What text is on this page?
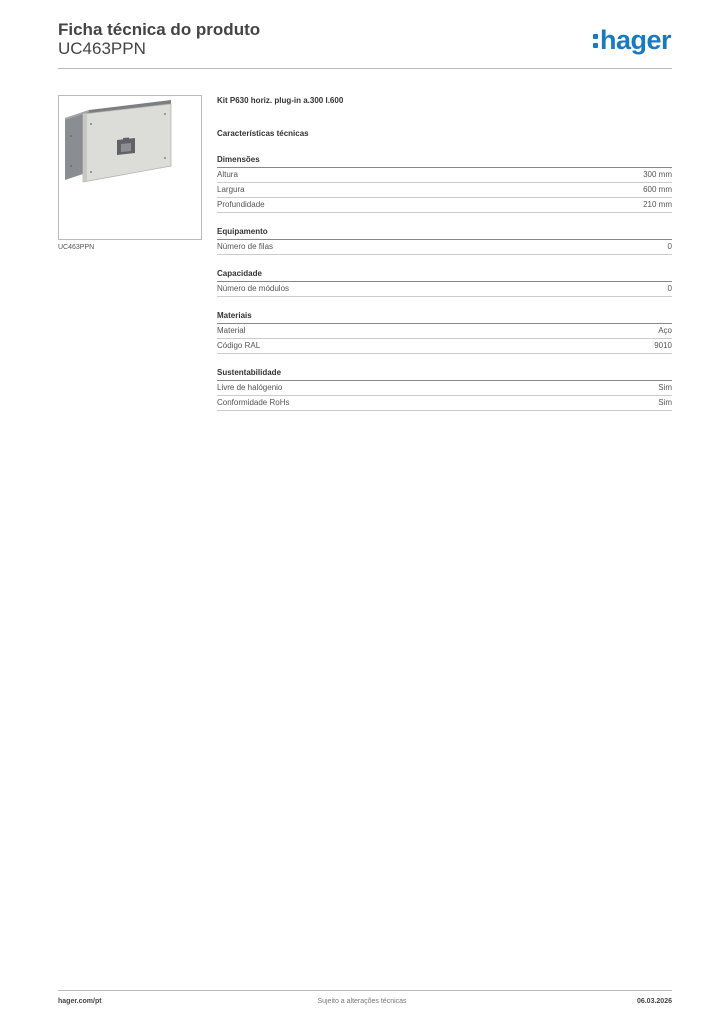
Ficha técnica do produto
UC463PPN	hager
UC463PPN
Kit P630 horiz. plug-in a.300 l.600
Características técnicas
Dimensões
Altura	300 mm
Largura	600 mm
Profundidade	210 mm
Equipamento
Número de filas	0
Capacidade
Número de módulos	0
Materiais
Material	Aço
Código RAL	9010
Sustentabilidade
Livre de halógenio	Sim
Conformidade RoHs	Sim
hager.com/pt	Sujeito a alterações técnicas	06.03.2026
